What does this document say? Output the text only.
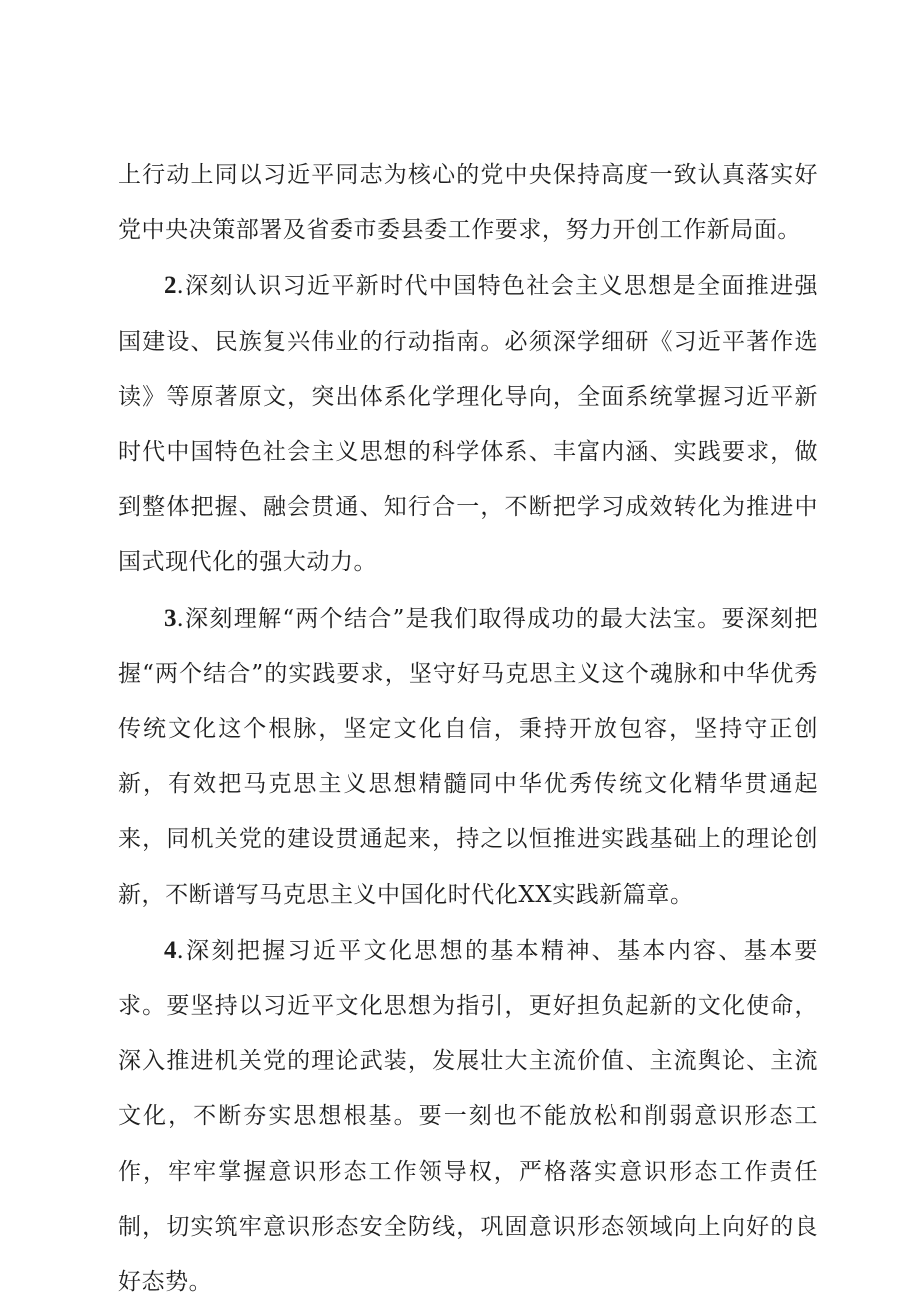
上行动上同以习近平同志为核心的党中央保持高度一致认真落实好党中央决策部署及省委市委县委工作要求，努力开创工作新局面。

2.深刻认识习近平新时代中国特色社会主义思想是全面推进强国建设、民族复兴伟业的行动指南。必须深学细研《习近平著作选读》等原著原文，突出体系化学理化导向，全面系统掌握习近平新时代中国特色社会主义思想的科学体系、丰富内涵、实践要求，做到整体把握、融会贯通、知行合一，不断把学习成效转化为推进中国式现代化的强大动力。

3.深刻理解“两个结合”是我们取得成功的最大法宝。要深刻把握“两个结合”的实践要求，坚守好马克思主义这个魂脉和中华优秀传统文化这个根脉，坚定文化自信，秉持开放包容，坚持守正创新，有效把马克思主义思想精髓同中华优秀传统文化精华贯通起来，同机关党的建设贯通起来，持之以恒推进实践基础上的理论创新，不断谱写马克思主义中国化时代化XX实践新篇章。

4.深刻把握习近平文化思想的基本精神、基本内容、基本要求。要坚持以习近平文化思想为指引，更好担负起新的文化使命，深入推进机关党的理论武装，发展壮大主流价值、主流舆论、主流文化，不断夯实思想根基。要一刻也不能放松和削弱意识形态工作，牢牢掌握意识形态工作领导权，严格落实意识形态工作责任制，切实筑牢意识形态安全防线，巩固意识形态领域向上向好的良好态势。
